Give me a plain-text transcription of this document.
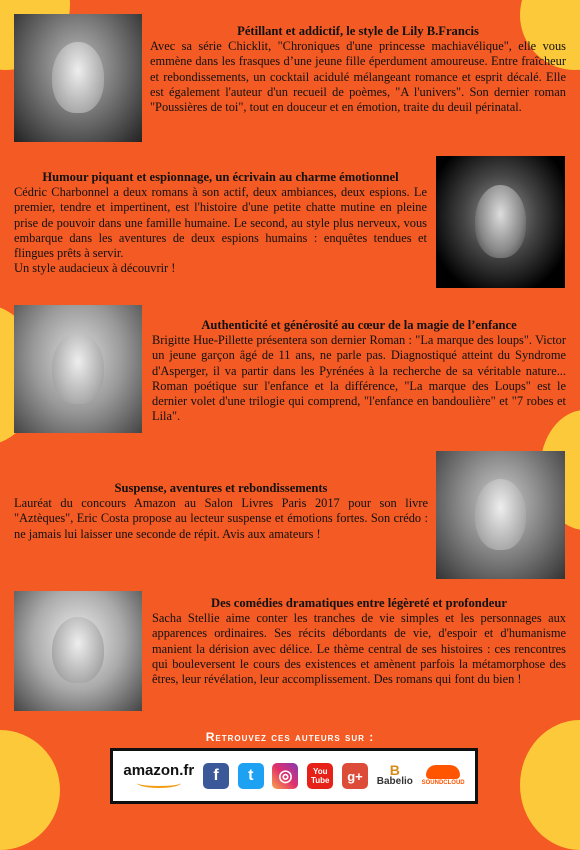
Pétillant et addictif, le style de Lily B.Francis

Avec sa série Chicklit, "Chroniques d'une princesse machiavélique", elle vous emmène dans les frasques d’une jeune fille éperdument amoureuse. Entre fraîcheur et rebondissements, un cocktail acidulé mélangeant romance et esprit décalé. Elle est également l'auteur d'un recueil de poèmes, "A l'univers". Son dernier roman "Poussières de toi", tout en douceur et en émotion, traite du deuil périnatal.

Humour piquant et espionnage, un écrivain au charme émotionnel

Cédric Charbonnel a deux romans à son actif, deux ambiances, deux espions. Le premier, tendre et impertinent, est l'histoire d'une petite chatte mutine en pleine prise de pouvoir dans une famille humaine. Le second, au style plus nerveux, vous embarque dans les aventures de deux espions humains : enquêtes tendues et flingues prêts à servir.

Un style audacieux à découvrir !

Authenticité et générosité au cœur de la magie de l’enfance

Brigitte Hue-Pillette présentera son dernier Roman : "La marque des loups". Victor un jeune garçon âgé de 11 ans, ne parle pas. Diagnostiqué atteint du Syndrome d'Asperger, il va partir dans les Pyrénées à la recherche de sa véritable nature... Roman poétique sur l'enfance et la différence, "La marque des Loups" est le dernier volet d'une trilogie qui comprend, "l'enfance en bandoulière" et "7 robes et Lila".

Suspense, aventures et rebondissements

Lauréat du concours Amazon au Salon Livres Paris 2017 pour son livre "Aztèques", Eric Costa propose au lecteur suspense et émotions fortes. Son crédo : ne jamais lui laisser une seconde de répit. Avis aux amateurs !

Des comédies dramatiques entre légèreté et profondeur

Sacha Stellie aime conter les tranches de vie simples et les personnages aux apparences ordinaires. Ses récits débordants de vie, d'espoir et d'humanisme manient la dérision avec délice. Le thème central de ses histoires : ces rencontres qui bouleversent le cours des existences et amènent parfois la métamorphose des êtres, leur révélation, leur accomplissement. Des romans qui font du bien !

Retrouvez ces auteurs sur :
amazon.fr f t ◎	You
Tube g+ B
Babelio SOUNDCLOUD
